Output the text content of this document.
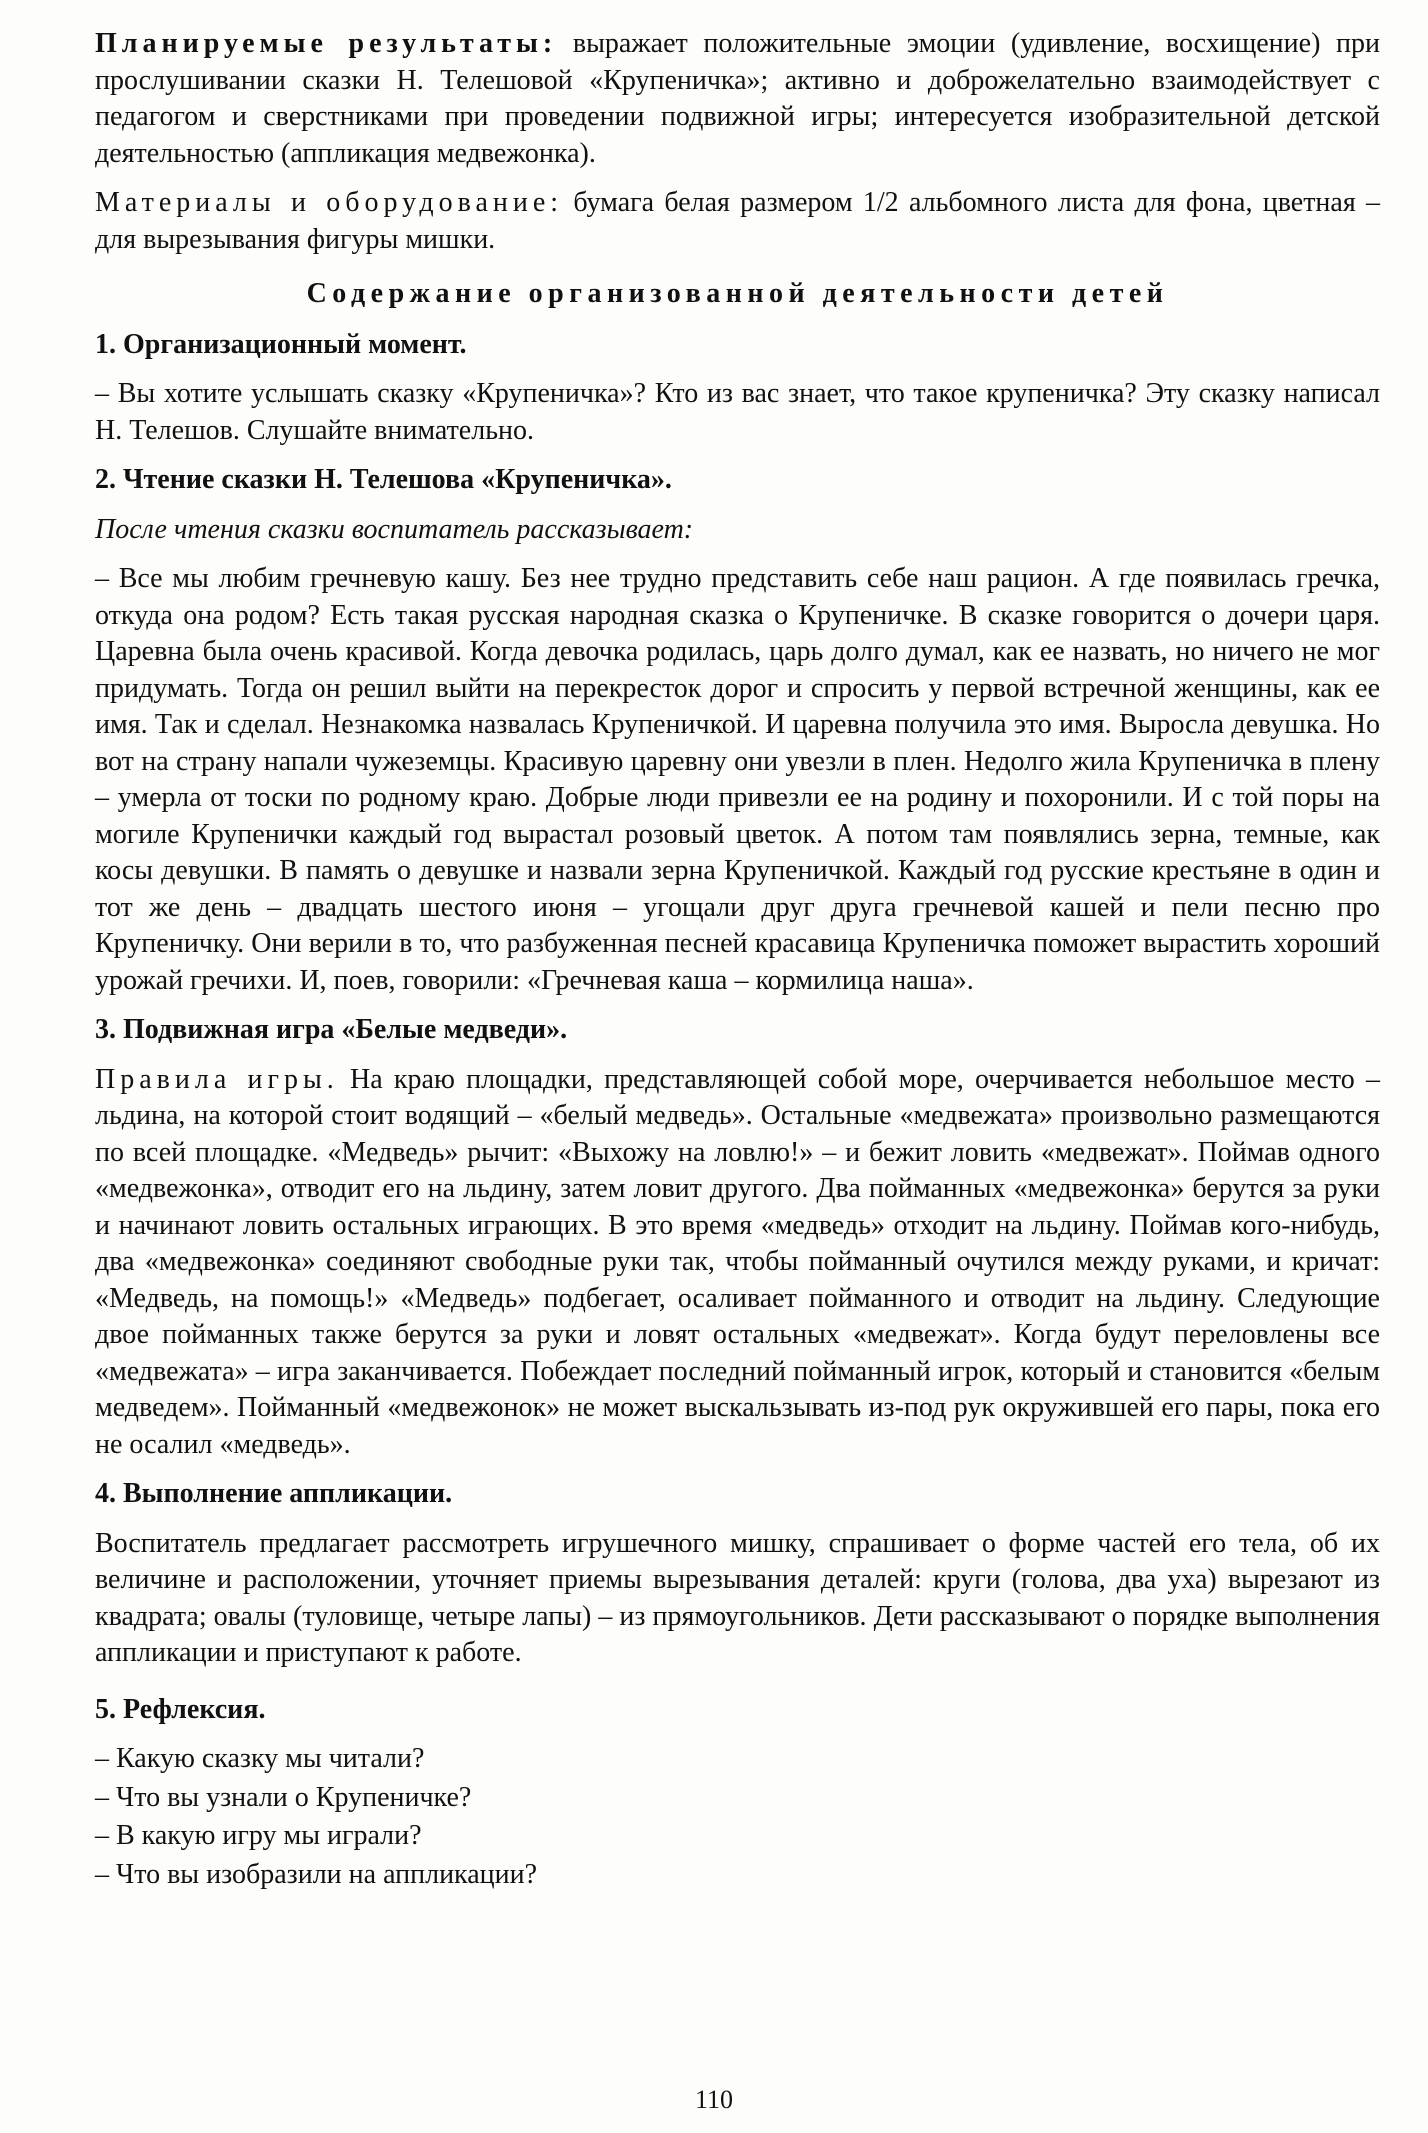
Планируемые результаты: выражает положительные эмоции (удивление, восхищение) при прослушивании сказки Н. Телешовой «Крупеничка»; активно и доброжелательно взаимодействует с педагогом и сверстниками при проведении подвижной игры; интересуется изобразительной детской деятельностью (аппликация медвежонка).

Материалы и оборудование: бумага белая размером 1/2 альбомного листа для фона, цветная – для вырезывания фигуры мишки.

Содержание организованной деятельности детей

1. Организационный момент.

– Вы хотите услышать сказку «Крупеничка»? Кто из вас знает, что такое крупеничка? Эту сказку написал Н. Телешов. Слушайте внимательно.

2. Чтение сказки Н. Телешова «Крупеничка».

После чтения сказки воспитатель рассказывает:

– Все мы любим гречневую кашу. Без нее трудно представить себе наш рацион. А где появилась гречка, откуда она родом? Есть такая русская народная сказка о Крупеничке. В сказке говорится о дочери царя. Царевна была очень красивой. Когда девочка родилась, царь долго думал, как ее назвать, но ничего не мог придумать. Тогда он решил выйти на перекресток дорог и спросить у первой встречной женщины, как ее имя. Так и сделал. Незнакомка назвалась Крупеничкой. И царевна получила это имя. Выросла девушка. Но вот на страну напали чужеземцы. Красивую царевну они увезли в плен. Недолго жила Крупеничка в плену – умерла от тоски по родному краю. Добрые люди привезли ее на родину и похоронили. И с той поры на могиле Крупенички каждый год вырастал розовый цветок. А потом там появлялись зерна, темные, как косы девушки. В память о девушке и назвали зерна Крупеничкой. Каждый год русские крестьяне в один и тот же день – двадцать шестого июня – угощали друг друга гречневой кашей и пели песню про Крупеничку. Они верили в то, что разбуженная песней красавица Крупеничка поможет вырастить хороший урожай гречихи. И, поев, говорили: «Гречневая каша – кормилица наша».

3. Подвижная игра «Белые медведи».

Правила игры. На краю площадки, представляющей собой море, очерчивается небольшое место – льдина, на которой стоит водящий – «белый медведь». Остальные «медвежата» произвольно размещаются по всей площадке. «Медведь» рычит: «Выхожу на ловлю!» – и бежит ловить «медвежат». Поймав одного «медвежонка», отводит его на льдину, затем ловит другого. Два пойманных «медвежонка» берутся за руки и начинают ловить остальных играющих. В это время «медведь» отходит на льдину. Поймав кого-нибудь, два «медвежонка» соединяют свободные руки так, чтобы пойманный очутился между руками, и кричат: «Медведь, на помощь!» «Медведь» подбегает, осаливает пойманного и отводит на льдину. Следующие двое пойманных также берутся за руки и ловят остальных «медвежат». Когда будут переловлены все «медвежата» – игра заканчивается. Побеждает последний пойманный игрок, который и становится «белым медведем». Пойманный «медвежонок» не может выскальзывать из-под рук окружившей его пары, пока его не осалил «медведь».

4. Выполнение аппликации.

Воспитатель предлагает рассмотреть игрушечного мишку, спрашивает о форме частей его тела, об их величине и расположении, уточняет приемы вырезывания деталей: круги (голова, два уха) вырезают из квадрата; овалы (туловище, четыре лапы) – из прямоугольников. Дети рассказывают о порядке выполнения аппликации и приступают к работе.

5. Рефлексия.

– Какую сказку мы читали?

– Что вы узнали о Крупеничке?

– В какую игру мы играли?

– Что вы изобразили на аппликации?

110
